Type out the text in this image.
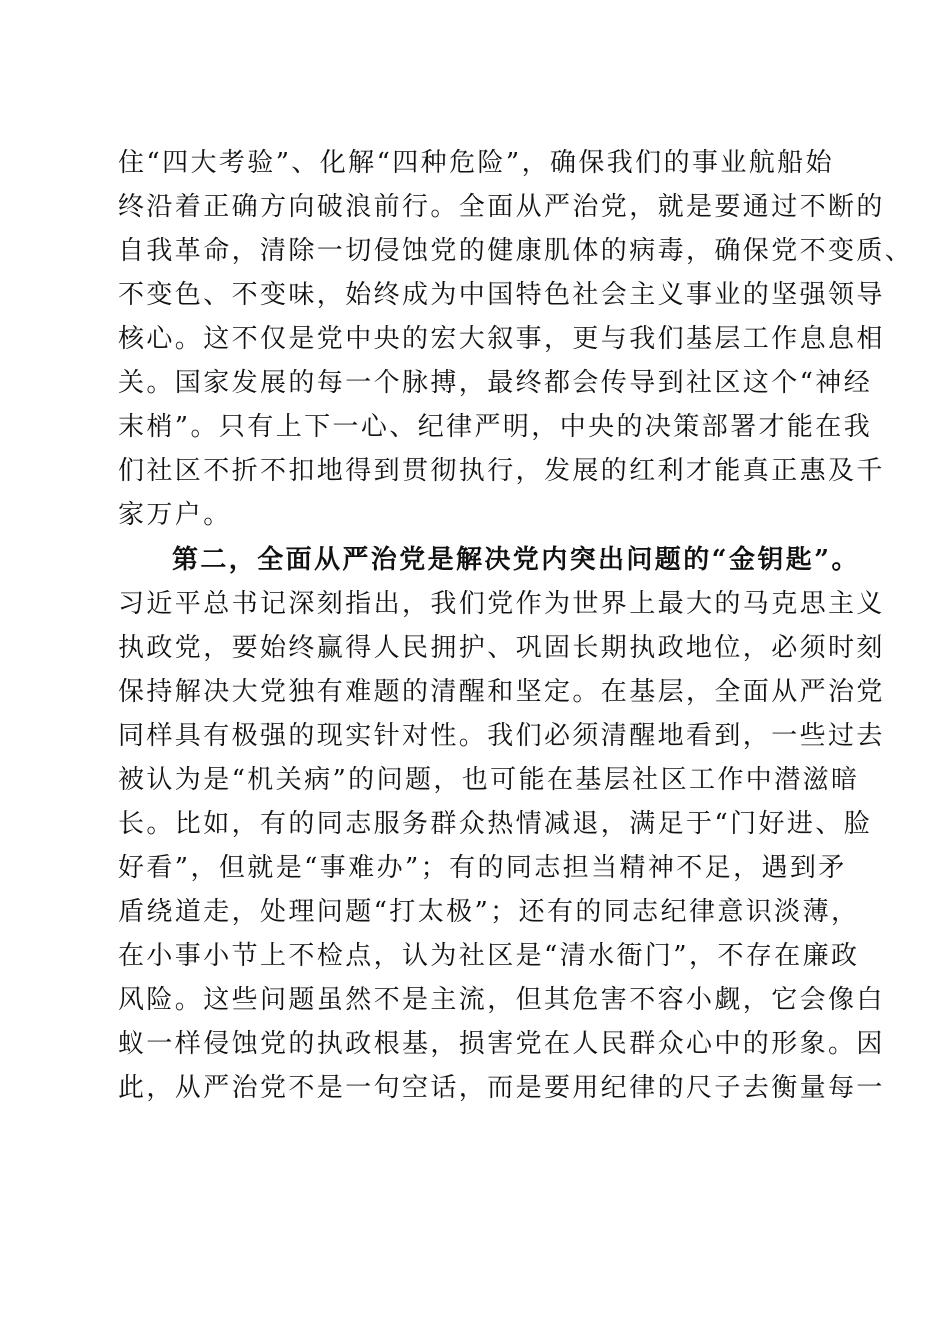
住“四大考验”、化解“四种危险”，确保我们的事业航船始
终沿着正确方向破浪前行。全面从严治党，就是要通过不断的
自我革命，清除一切侵蚀党的健康肌体的病毒，确保党不变质、
不变色、不变味，始终成为中国特色社会主义事业的坚强领导
核心。这不仅是党中央的宏大叙事，更与我们基层工作息息相
关。国家发展的每一个脉搏，最终都会传导到社区这个“神经
末梢”。只有上下一心、纪律严明，中央的决策部署才能在我
们社区不折不扣地得到贯彻执行，发展的红利才能真正惠及千
家万户。
第二，全面从严治党是解决党内突出问题的“金钥匙”。
习近平总书记深刻指出，我们党作为世界上最大的马克思主义
执政党，要始终赢得人民拥护、巩固长期执政地位，必须时刻
保持解决大党独有难题的清醒和坚定。在基层，全面从严治党
同样具有极强的现实针对性。我们必须清醒地看到，一些过去
被认为是“机关病”的问题，也可能在基层社区工作中潜滋暗
长。比如，有的同志服务群众热情减退，满足于“门好进、脸
好看”，但就是“事难办”；有的同志担当精神不足，遇到矛
盾绕道走，处理问题“打太极”；还有的同志纪律意识淡薄，
在小事小节上不检点，认为社区是“清水衙门”，不存在廉政
风险。这些问题虽然不是主流，但其危害不容小觑，它会像白
蚁一样侵蚀党的执政根基，损害党在人民群众心中的形象。因
此，从严治党不是一句空话，而是要用纪律的尺子去衡量每一
